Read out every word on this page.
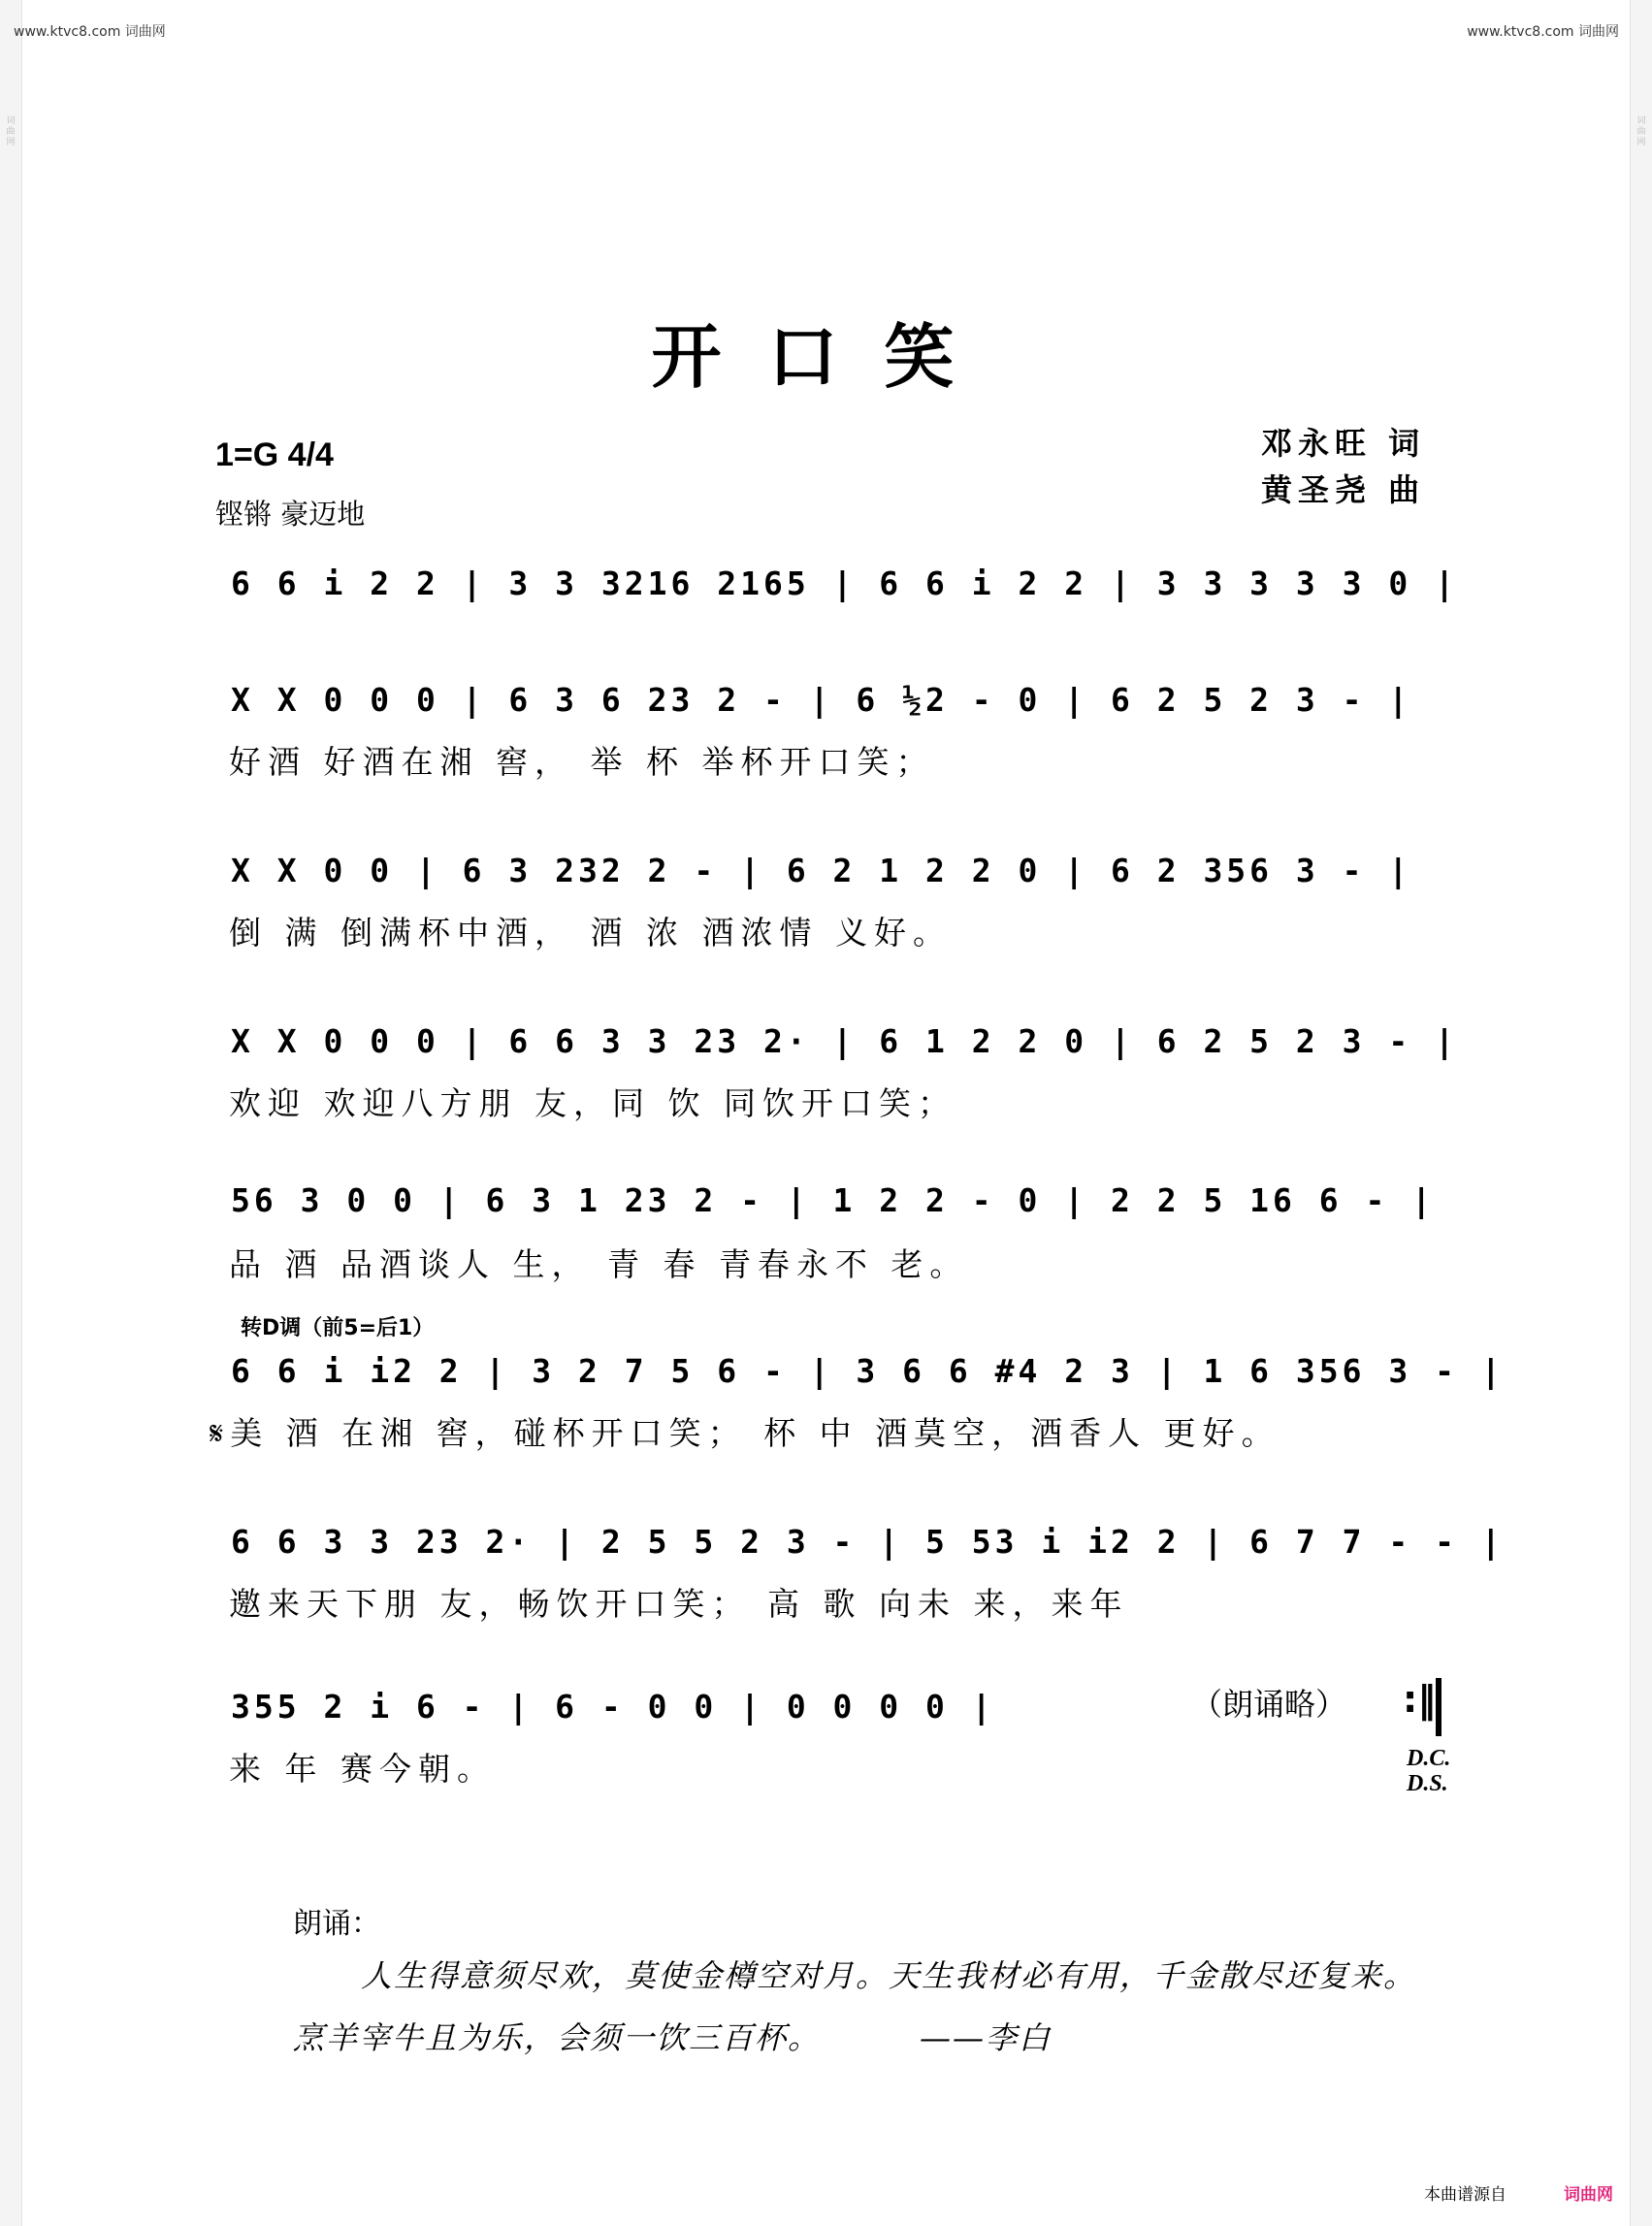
词曲网
词曲网
www.ktvc8.com 词曲网	www.ktvc8.com 词曲网
开口笑
1=G 4/4
铿锵 豪迈地
邓永旺 词
黄圣尧 曲
6 6 i 2 2 | 3 3 3216 2165 | 6 6 i 2 2 | 3 3 3 3 3 0 |
X X 0 0 0 | 6 3 6 23 2 - | 6 ½2 - 0 | 6 2 5 2 3 - |
好酒 好酒在湘 窖， 举 杯 举杯开口笑；
X X 0 0 | 6 3 232 2 - | 6 2 1 2 2 0 | 6 2 356 3 - |
倒 满 倒满杯中酒， 酒 浓 酒浓情 义好。
X X 0 0 0 | 6 6 3 3 23 2· | 6 1 2 2 0 | 6 2 5 2 3 - |
欢迎 欢迎八方朋 友，同 饮 同饮开口笑；
56 3 0 0 | 6 3 1 23 2 - | 1 2 2 - 0 | 2 2 5 16 6 - |
品 酒 品酒谈人 生， 青 春 青春永不 老。
转D调（前5=后1）
6 6 i i2 2 | 3 2 7 5 6 - | 3 6 6 #4 2 3 | 1 6 356 3 - |
𝄋美 酒 在湘 窖，碰杯开口笑； 杯 中 酒莫空，酒香人 更好。
6 6 3 3 23 2· | 2 5 5 2 3 - | 5 53 i i2 2 | 6 7 7 - - |
邀来天下朋 友，畅饮开口笑； 高 歌 向未 来，来年
355 2 i 6 - | 6 - 0 0 | 0 0 0 0 |	（朗诵略） :‖
来 年 赛今朝。	D.C.
D.S.
朗诵：
人生得意须尽欢，莫使金樽空对月。天生我材必有用，千金散尽还复来。
烹羊宰牛且为乐，会须一饮三百杯。	——李白
本曲谱源自	词曲网
